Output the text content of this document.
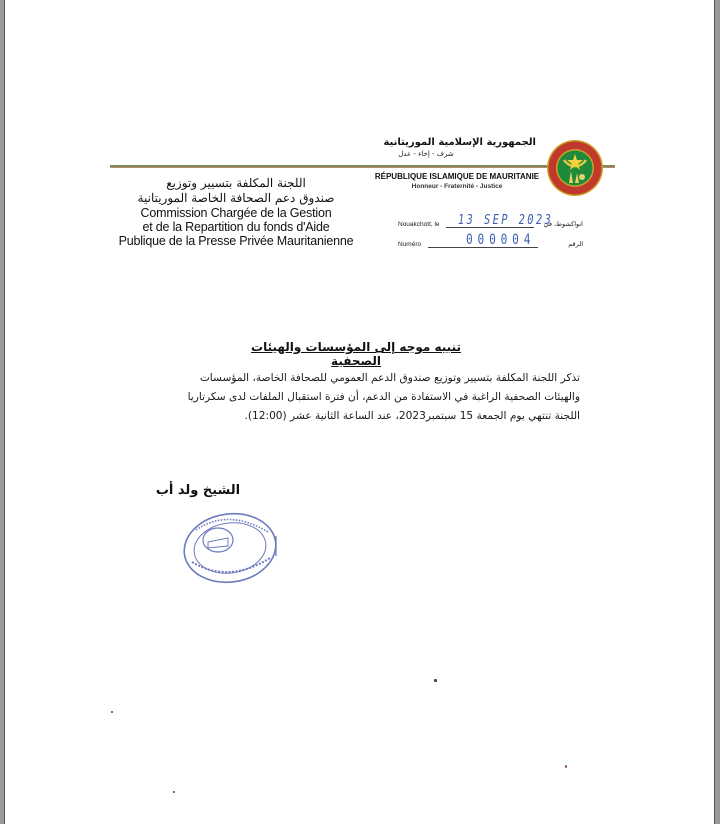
الجمهورية الإسلامية الموريتانية
شرف - إخاء - عدل
RÉPUBLIQUE ISLAMIQUE DE MAURITANIE
Honneur - Fraternité - Justice
اللجنة المكلفة بتسيير وتوزيع
صندوق دعم الصحافة الخاصة الموريتانية
Commission Chargée de la Gestion
et de la Repartition du fonds d'Aide
Publique de la Presse Privée Mauritanienne
Nouakchott, le 13 SEP 2023
انواكشوط، في
Numéro	000004	الرقم
تنبيه موجه إلى المؤسسات والهيئات الصحفية

تذكر اللجنة المكلفة بتسيير وتوزيع صندوق الدعم العمومي للصحافة الخاصة، المؤسسات

والهيئات الصحفية الراغبة في الاستفادة من الدعم، أن فترة استقبال الملفات لدى سكرتاريا

اللجنة تنتهي يوم الجمعة 15 سبتمبر2023، عند الساعة الثانية عشر (12:00).

الشيخ ولد أب
